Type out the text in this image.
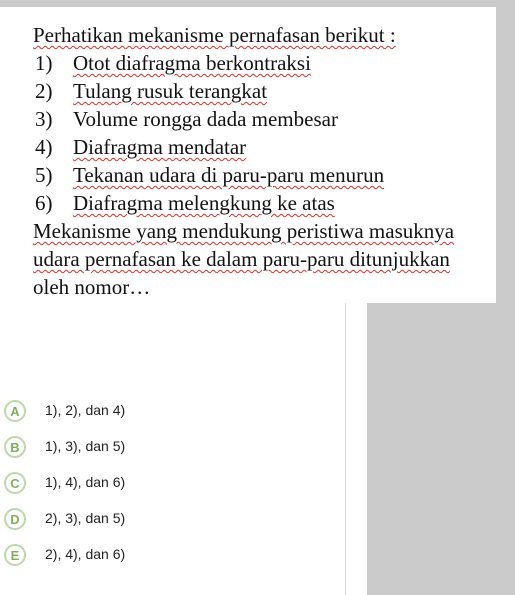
Perhatikan mekanisme pernafasan berikut :
1) Otot diafragma berkontraksi
2) Tulang rusuk terangkat
3) Volume rongga dada membesar
4) Diafragma mendatar
5) Tekanan udara di paru-paru menurun
6) Diafragma melengkung ke atas
Mekanisme yang mendukung peristiwa masuknya
udara pernafasan ke dalam paru-paru ditunjukkan
oleh nomor…
A	1), 2), dan 4)
B	1), 3), dan 5)
C	1), 4), dan 6)
D	2), 3), dan 5)
E	2), 4), dan 6)
